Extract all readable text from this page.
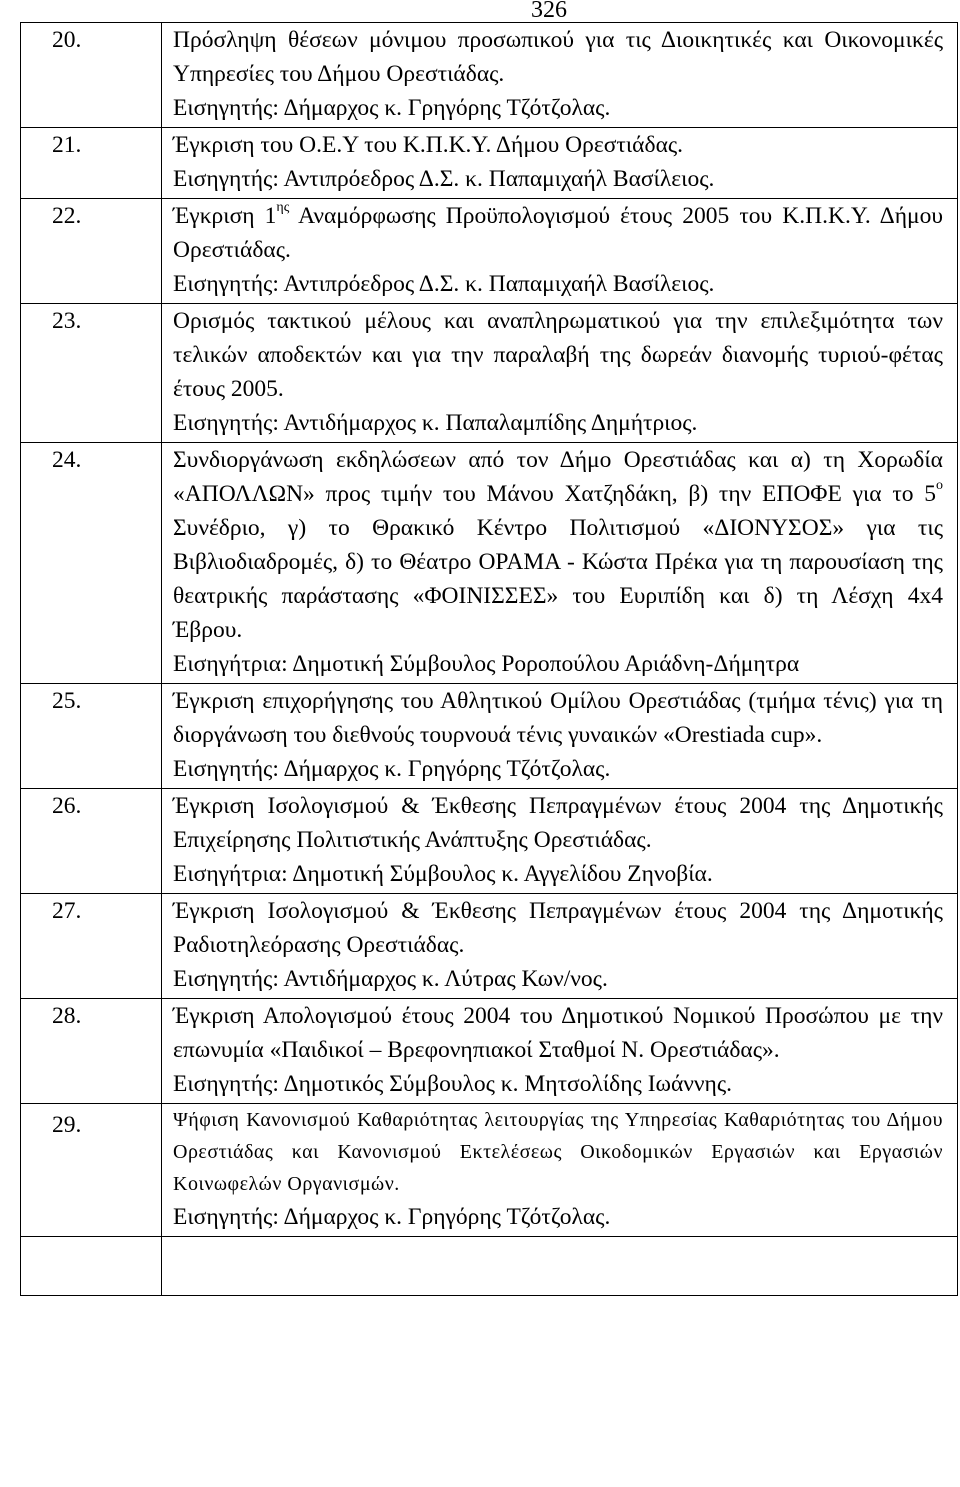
326
20.	Πρόσληψη θέσεων μόνιμου προσωπικού για τις Διοικητικές και Οικονομικές Υπηρεσίες του Δήμου Ορεστιάδας.
Εισηγητής: Δήμαρχος κ. Γρηγόρης Τζότζολας.

21.	Έγκριση του Ο.Ε.Υ του Κ.Π.Κ.Υ. Δήμου Ορεστιάδας.
Εισηγητής: Αντιπρόεδρος Δ.Σ. κ. Παπαμιχαήλ Βασίλειος.

22.	Έγκριση $1^{\eta\varsigma}$ Αναμόρφωσης Προϋπολογισμού έτους 2005 του Κ.Π.Κ.Υ. Δήμου Ορεστιάδας.
Εισηγητής: Αντιπρόεδρος Δ.Σ. κ. Παπαμιχαήλ Βασίλειος.

23.	Ορισμός τακτικού μέλους και αναπληρωματικού για την επιλεξιμότητα των τελικών αποδεκτών και για την παραλαβή της δωρεάν διανομής τυριού-φέτας έτους 2005.
Εισηγητής: Αντιδήμαρχος κ. Παπαλαμπίδης Δημήτριος.

24.	Συνδιοργάνωση εκδηλώσεων από τον Δήμο Ορεστιάδας και α) τη Χορωδία «ΑΠΟΛΛΩΝ» προς τιμήν του Μάνου Χατζηδάκη, β) την ΕΠΟΦΕ για το $5^o$ Συνέδριο, γ) το Θρακικό Κέντρο Πολιτισμού «ΔΙΟΝΥΣΟΣ» για τις Βιβλιοδιαδρομές, δ) το Θέατρο ΟΡΑΜΑ - Κώστα Πρέκα για τη παρουσίαση της θεατρικής παράστασης «ΦΟΙΝΙΣΣΕΣ» του Ευριπίδη και δ) τη Λέσχη 4x4 Έβρου.
Εισηγήτρια: Δημοτική Σύμβουλος Ροροπούλου Αριάδνη-Δήμητρα

25.	Έγκριση επιχορήγησης του Αθλητικού Ομίλου Ορεστιάδας (τμήμα τένις) για τη διοργάνωση του διεθνούς τουρνουά τένις γυναικών «Orestiada cup».
Εισηγητής: Δήμαρχος κ. Γρηγόρης Τζότζολας.

26.	Έγκριση Ισολογισμού & Έκθεσης Πεπραγμένων έτους 2004 της Δημοτικής Επιχείρησης Πολιτιστικής Ανάπτυξης Ορεστιάδας.
Εισηγήτρια: Δημοτική Σύμβουλος κ. Αγγελίδου Ζηνοβία.

27.	Έγκριση Ισολογισμού & Έκθεσης Πεπραγμένων έτους 2004 της Δημοτικής Ραδιοτηλεόρασης Ορεστιάδας.
Εισηγητής: Αντιδήμαρχος κ. Λύτρας Κων/νος.

28.	Έγκριση Απολογισμού έτους 2004 του Δημοτικού Νομικού Προσώπου με την επωνυμία «Παιδικοί – Βρεφονηπιακοί Σταθμοί Ν. Ορεστιάδας».
Εισηγητής: Δημοτικός Σύμβουλος κ. Μητσολίδης Ιωάννης.

29.	Ψήφιση Κανονισμού Καθαριότητας λειτουργίας της Υπηρεσίας Καθαριότητας του Δήμου Ορεστιάδας και Κανονισμού Εκτελέσεως Οικοδομικών Εργασιών και Εργασιών Κοινωφελών Οργανισμών.
Εισηγητής: Δήμαρχος κ. Γρηγόρης Τζότζολας.
